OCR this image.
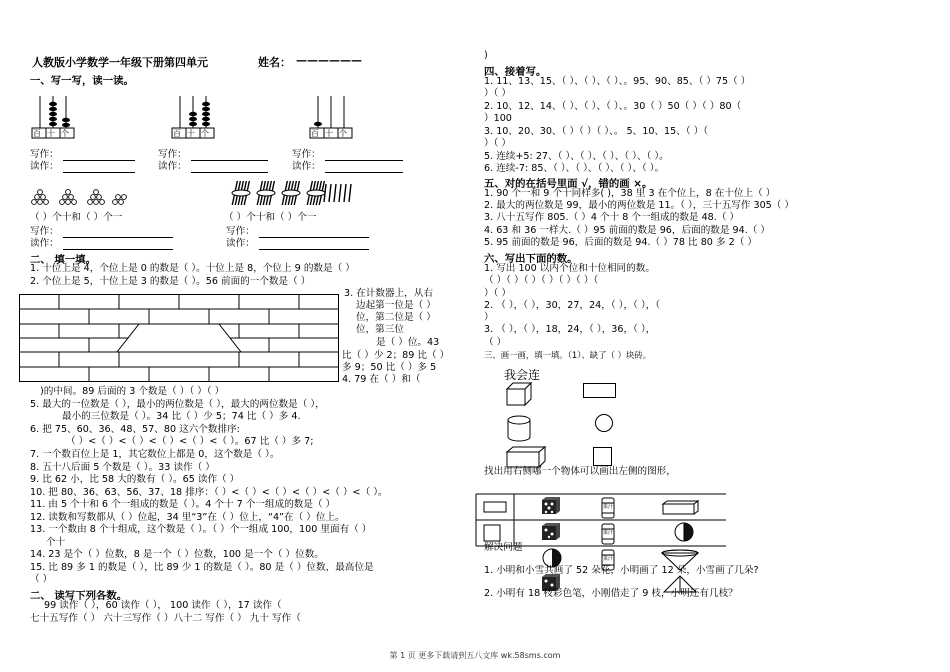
人教版小学数学一年级下册第四单元	姓名： ——————
一、写一写，读一读。
百十个	百十个	百十个
写作：
读作：
写作：
读作：
写作：
读作：
（ ）个十和（ ）个一	（ ）个十和（ ）个一
写作：
读作：
写作：
读作：
二、 填一填。
1. 十位上是 4，个位上是 0 的数是（ ）。十位上是 8，个位上 9 的数是（ ）
2. 个位上是 5，十位上是 3 的数是（ ）。56 前面的一个数是（ ）
3. 在计数器上，从右
边起第一位是（ ）
位，第二位是（ ）
位，第三位
是（ ）位。43
比（ ）少 2；89 比（ ）
多 9；50 比（ ）多 5
4. 79 在（ ）和（
)的中间。89 后面的 3 个数是（ ）（ ）（ ）
5. 最大的一位数是（ ），最小的两位数是（ ），最大的两位数是（ ），
最小的三位数是（ ）。34 比（ ）少 5；74 比（ ）多 4.
6. 把 75、60、36、48、57、80 这六个数排序:
（ ）<（ ）<（ ）<（ ）<（ ）<（ ）。67 比（ ）多 7;
7. 一个数百位上是 1，其它数位上都是 0，这个数是（ ）。
8. 五十八后面 5 个数是（ ）。33 读作（ ）
9. 比 62 小，比 58 大的数有（ ）。65 读作（ ）
10. 把 80、36、63、56、37、18 排序：（ ）<（ ）<（ ）<（ ）<（ ）<（ ）。
11. 由 5 个十和 6 个一组成的数是（ ）。4 个十 7 个一组成的数是（ ）
12. 读数和写数都从（ ）位起，34 里“3”在（ ）位上，“4”在（ ）位上。
13. 一个数由 8 个十组成，这个数是（ ）。（ ）个一组成 100，100 里面有（ ）
个十
14. 23 是个（ ）位数，8 是一个（ ）位数，100 是一个（ ）位数。
15. 比 89 多 1 的数是（ ），比 89 少 1 的数是（ ）。80 是（ ）位数，最高位是
（ ）
二、 读写下列各数。
99 读作（ ），60 读作（ ）， 100 读作（ ），17 读作（
七十五写作（ ） 六十三写作（ ）八十二 写作（ ） 九十 写作（
)
四、接着写。
1. 11、13、15、（ ）、（ ）、（ ）、。95、90、85、（ ）75（ ）
）（ ）
2. 10、12、14、（ ）、（ ）、（ ）、。30（ ）50（ ）（ ）80（
）100
3. 10、20、30、（ ）（ ）（ ）、。 5、10、15、（ ）（
）（ ）
5. 连续+5: 27、（ ）、（ ）、（ ）、（ ）、（ ）。
6. 连续-7: 85、（ ）、（ ）、（ ）、（ ）、（ ）。
五、对的在括号里面 √，错的画 ×。
1. 90 个一和 9 个十同样多( )，38 里 3 在个位上，8 在十位上（ ）
2. 最大的两位数是 99，最小的两位数是 11。（ ），三十五写作 305（ ）
3. 八十五写作 805.（ ）4 个十 8 个一组成的数是 48.（ ）
4. 63 和 36 一样大.（ ）95 前面的数是 96，后面的数是 94.（ ）
5. 95 前面的数是 96，后面的数是 94.（ ）78 比 80 多 2（ ）
六、写出下面的数。
1. 写出 100 以内个位和十位相同的数。
（ ）（ ）（ ）（ ）（ ）（ ）（
）（ ）
2. （ ），（ ），30，27，24，（ ），（ ），（
）
3. （ ），（ ），18，24，（ ），36，（ ），
（ ）
三、画一画，填一填。（1）、缺了（ ）块砖。
我会连
找出用右侧哪一个物体可以画出左侧的图形，
果汁
果汁
果汁
解决问题
1. 小明和小雪共画了 52 朵花，小明画了 12 朵，小雪画了几朵?
2. 小明有 18 枝彩色笔，小刚借走了 9 枝，小明还有几枝？
第 1 页 更多下载请到五八文库 wk.58sms.com
